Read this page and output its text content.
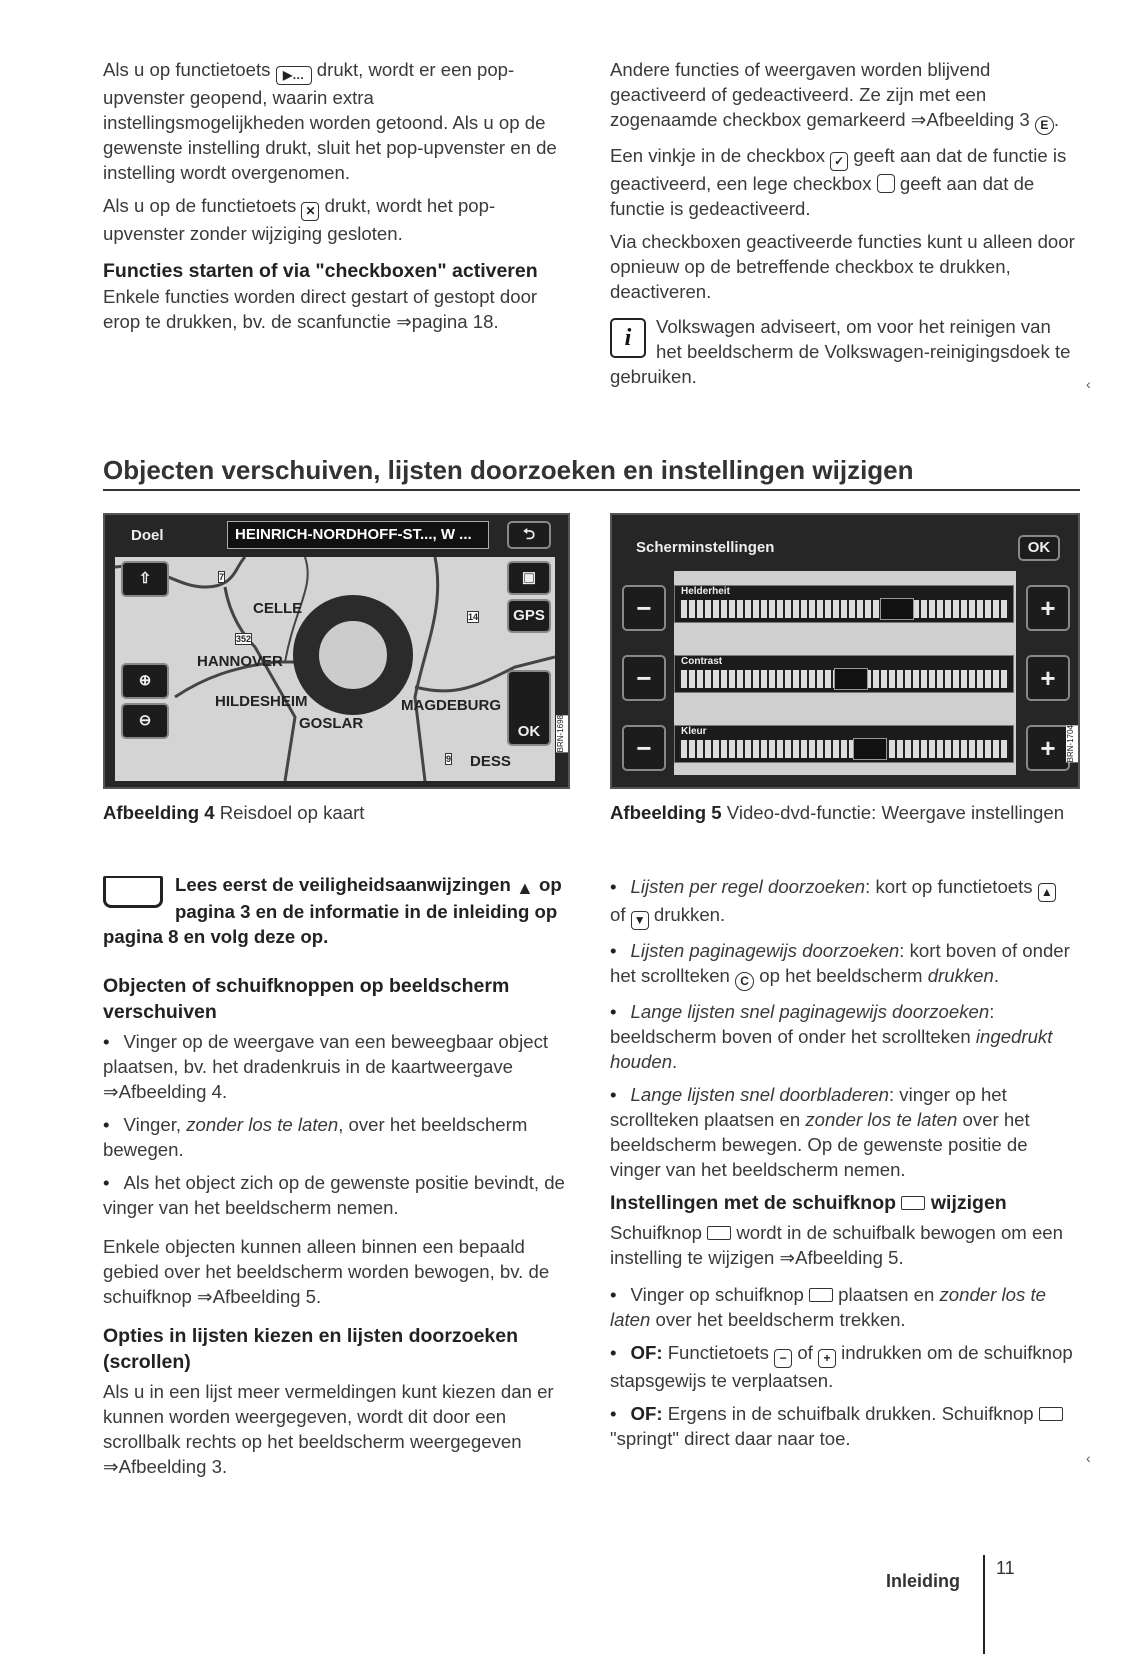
Als u op functietoets ▶… drukt, wordt er een pop-upvenster geopend, waarin extra instellingsmogelijkheden worden getoond. Als u op de gewenste instelling drukt, sluit het pop-upvenster en de instelling wordt overgenomen.

Als u op de functietoets ✕ drukt, wordt het pop-upvenster zonder wijziging gesloten.

Functies starten of via "checkboxen" activeren

Enkele functies worden direct gestart of gestopt door erop te drukken, bv. de scanfunctie ⇒pagina 18.

Andere functies of weergaven worden blijvend geactiveerd of gedeactiveerd. Ze zijn met een zogenaamde checkbox gemarkeerd ⇒Afbeelding 3 E .

Een vinkje in de checkbox ✓ geeft aan dat de functie is geactiveerd, een lege checkbox  geeft aan dat de functie is gedeactiveerd.

Via checkboxen geactiveerde functies kunt u alleen door opnieuw op de betreffende checkbox te drukken, deactiveren.

i	Volkswagen adviseert, om voor het reinigen van het beeldscherm de Volkswagen-reinigingsdoek te gebruiken.	‹
Objecten verschuiven, lijsten doorzoeken en instellingen wijzigen
CELLE
HANNOVER
HILDESHEIM
GOSLAR
MAGDEBURG
DESS
7
352
14
9
Doel	HEINRICH-NORDHOFF-ST..., W ...	⮌
⇧	▣
GPS
⊕
⊖
OK	BRN-1698
Afbeelding 4 Reisdoel op kaart
Scherminstellingen	OK
Helderheit
Contrast
Kleur
−	+
−	+
−	+	BRN-1704
Afbeelding 5 Video-dvd-functie: Weergave instellingen
Lees eerst de veiligheidsaanwijzingen ▲ op pagina 3 en de informatie in de inleiding op pagina 8 en volg deze op.
Objecten of schuifknoppen op beeldscherm verschuiven

• Vinger op de weergave van een beweegbaar object plaatsen, bv. het dradenkruis in de kaartweergave ⇒Afbeelding 4.

• Vinger, zonder los te laten, over het beeldscherm bewegen.

• Als het object zich op de gewenste positie bevindt, de vinger van het beeldscherm nemen.

Enkele objecten kunnen alleen binnen een bepaald gebied over het beeldscherm worden bewogen, bv. de schuifknop ⇒Afbeelding 5.

Opties in lijsten kiezen en lijsten doorzoeken (scrollen)

Als u in een lijst meer vermeldingen kunt kiezen dan er kunnen worden weergegeven, wordt dit door een scrollbalk rechts op het beeldscherm weergegeven ⇒Afbeelding 3.

• Lijsten per regel doorzoeken: kort op functietoets ▲ of ▼ drukken.

• Lijsten paginagewijs doorzoeken: kort boven of onder het scrollteken C op het beeldscherm drukken.

• Lange lijsten snel paginagewijs doorzoeken: beeldscherm boven of onder het scrollteken ingedrukt houden.

• Lange lijsten snel doorbladeren: vinger op het scrollteken plaatsen en zonder los te laten over het beeldscherm bewegen. Op de gewenste positie de vinger van het beeldscherm nemen.

Instellingen met de schuifknop  wijzigen

Schuifknop  wordt in de schuifbalk bewogen om een instelling te wijzigen ⇒Afbeelding 5.

• Vinger op schuifknop  plaatsen en zonder los te laten over het beeldscherm trekken.

• OF: Functietoets − of + indrukken om de schuifknop stapsgewijs te verplaatsen.

• OF: Ergens in de schuifbalk drukken. Schuifknop  "springt" direct daar naar toe.

‹
Inleiding
11
